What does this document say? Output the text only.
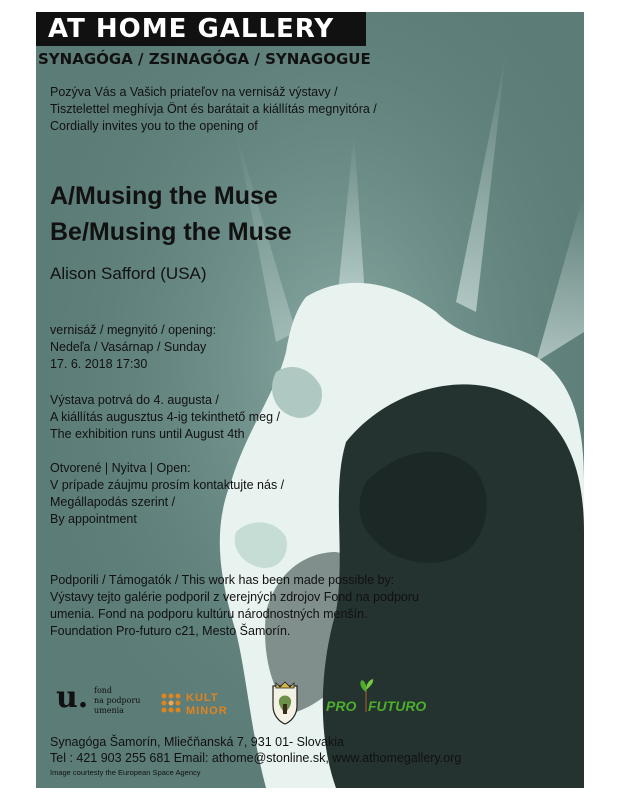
AT HOME GALLERY
SYNAGÓGA / ZSINAGÓGA / SYNAGOGUE
Pozýva Vás a Vašich priateľov na vernisáž výstavy /
Tisztelettel meghívja Önt és barátait a kiállítás megnyitóra /
Cordially invites you to the opening of
A/Musing the Muse
Be/Musing the Muse
Alison Safford (USA)
vernisáž / megnyitó / opening:
Nedeľa / Vasárnap / Sunday
17. 6. 2018 17:30
Výstava potrvá do 4. augusta /
A kiállítás augusztus 4-ig tekinthető meg /
The exhibition runs until August 4th
Otvorené | Nyitva | Open:
V prípade záujmu prosím kontaktujte nás /
Megállapodás szerint /
By appointment
Podporili / Támogatók / This work has been made possible by:
Výstavy tejto galérie podporil z verejných zdrojov Fond na podporu
umenia. Fond na podporu kultúru národnostných menšín.
Foundation Pro-futuro c21, Mesto Šamorín.
u. fond
na podporu
umenia
KULT
MINOR	PRO FUTURO
Synagóga Šamorín, Mliečňanská 7, 931 01- Slovakia
Tel : 421 903 255 681 Email: athome@stonline.sk, www.athomegallery.org
Image courtesty the European Space Agency
